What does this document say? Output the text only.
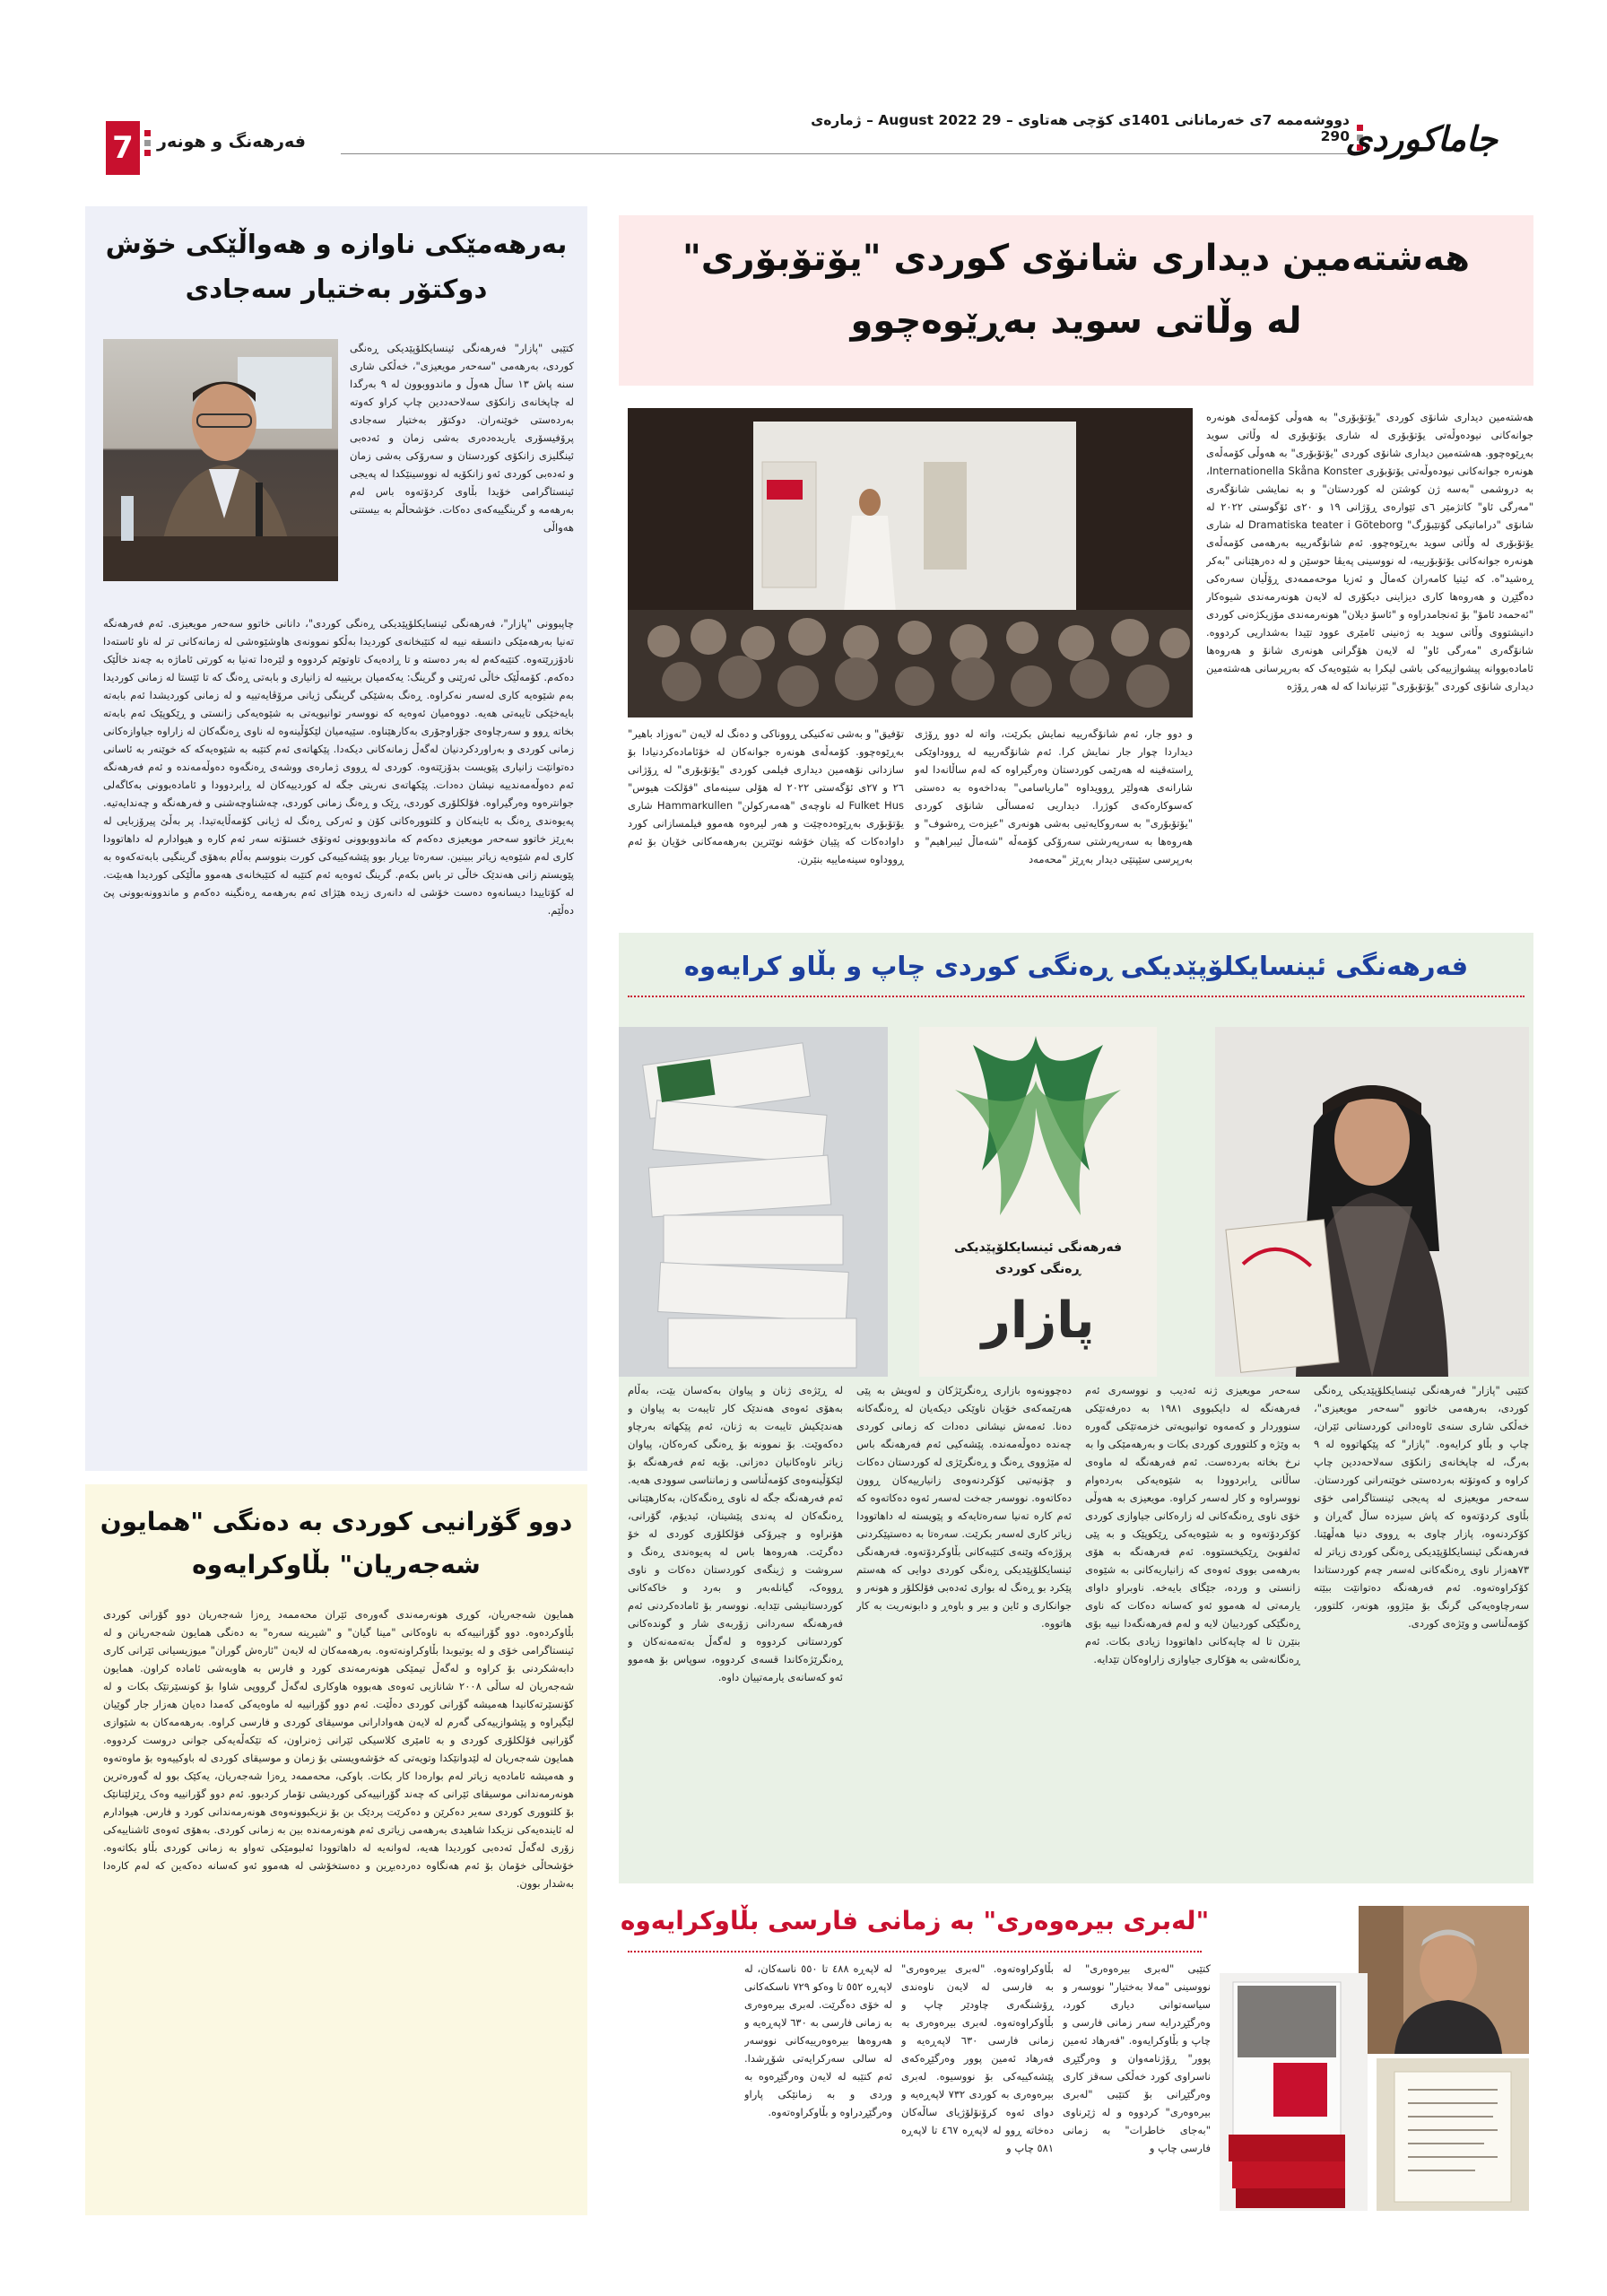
7	فەرهەنگ و هونەر
دووشەممە 7ی خەرمانانی 1401ی کۆچی هەتاوی – 29 August 2022 – ژمارەی 290
جاماکوردی
بەرهەمێکی ناوازە و هەواڵێکی خۆش
دوکتۆر بەختیار سەجادی
کتێبی "پازار" فەرهەنگی ئینسایکلۆپێدیکی ڕەنگی کوردی، بەرهەمی "سەحەر مویعیزی"، خەڵکی شاری سنە پاش ١٣ ساڵ هەوڵ و ماندووبوون لە ٩ بەرگدا لە چاپخانەی زانکۆی سەلاحەددین چاپ کراو کەوتە بەردەستی خوێنەران. دوکتۆر بەختیار سەجادی پرۆفیسۆری یاریدەدەری بەشی زمان و ئەدەبی ئینگلیزی زانکۆی کوردستان و سەرۆکی بەشی زمان و ئەدەبی کوردی ئەو زانکۆیە لە نووسینێکدا لە پەیجی ئینستاگرامی خۆیدا بڵاوی کردۆتەوە باس لەم بەرهەمە و گرینگییەکەی دەکات. خۆشحاڵم بە بیستنی هەواڵی
چاپبوونی "پازار"، فەرهەنگی ئینسایکلۆپێدیکی ڕەنگی کوردی"، دانانی خاتوو سەحەر مویعیزی. ئەم فەرهەنگە تەنیا بەرهەمێکی دانسقە نییە لە کتێبخانەی کوردیدا بەڵکو نموونەی هاوشێوەشی لە زمانەکانی تر لە ناو ئاستەدا نادۆزرێتەوە. کتێبەکەم لە بەر دەستە و تا ڕادەیەک تاوتوێم کردووە و لێرەدا تەنیا بە کورتی ئاماژە بە چەند خاڵێک دەکەم. کۆمەڵێک خاڵی ئەرێنی و گرینگ: یەکەمیان بریتییە لە زانیاری و بابەتی ڕەنگ کە تا ئێستا لە زمانی کوردیدا بەم شێوەیە کاری لەسەر نەکراوە. ڕەنگ بەشێکی گرینگی ژیانی مرۆڤایەتییە و لە زمانی کوردیشدا ئەم بابەتە بایەخێکی تایبەتی هەیە. دووەمیان ئەوەیە کە نووسەر توانیویەتی بە شێوەیەکی زانستی و ڕێکوپێک ئەم بابەتە بخاتە ڕوو و سەرچاوەی جۆراوجۆری بەکارهێناوە. سێیەمیان لێکۆڵینەوە لە ناوی ڕەنگەکان لە زاراوە جیاوازەکانی زمانی کوردی و بەراوردکردنیان لەگەڵ زمانەکانی دیکەدا. پێکهاتەی ئەم کتێبە بە شێوەیەکە کە خوێنەر بە ئاسانی دەتوانێت زانیاری پێویست بدۆزێتەوە. کوردی لە ڕووی ژمارەی ووشەی ڕەنگەوە دەوڵەمەندە و ئەم فەرهەنگە ئەم دەوڵەمەندییە نیشان دەدات. پێکهاتەی نەریتی جگە لە کوردییەکان لە ڕابردوودا و ئامادەبوونی بەکاگەلی جوانترەوە وەرگیراوە. فۆلکلۆری کوردی، ڕێک و ڕەنگ زمانی کوردی، چەشناوچەشنی و فەرهەنگە و چەندایەتیە. پەیوەندی ڕەنگ بە ئاینەکان و کلتوورەکانی کۆن و ئەرکی ڕەنگ لە ژیانی کۆمەڵایەتیدا. پر بەڵێ پیرۆزبایی لە بەڕێز خاتوو سەحەر مویعیزی دەکەم کە ماندووبوونی ئەوتۆی خستۆتە سەر ئەم کارە و هیوادارم لە داهاتوودا کاری لەم شێوەیە زیاتر ببینین. سەرەتا بڕیار بوو پێشەکییەکی کورت بنووسم بەڵام بەهۆی گرینگیی بابەتەکەوە بە پێویستم زانی هەندێک خاڵی تر باس بکەم. گرینگ ئەوەیە ئەم کتێبە لە کتێبخانەی هەموو ماڵێکی کوردیدا هەبێت. لە کۆتاییدا دیسانەوە دەست خۆشی لە دانەری زیدە هێژای ئەم بەرهەمە ڕەنگینە دەکەم و ماندوونەبوونی پێ دەڵێم.
دوو گۆرانیی کوردی بە دەنگی "همایون
شەجەریان" بڵاوکرایەوە
همایون شەجەریان، کوڕی هونەرمەندی گەورەی ئێران محەممەد ڕەزا شەجەریان دوو گۆرانی کوردی بڵاوکردەوە. دوو گۆرانییەکە بە ناوەکانی "مینا گیان" و "شیرینە سەرە" بە دەنگی همایون شەجەریانن و لە ئینستاگرامی خۆی و لە یوتیوبدا بڵاوکراونەتەوە. بەرهەمەکان لە لایەن "ئارەش گوران" میوزیسیانی ئێرانی کاری دابەشکردنی بۆ کراوە و لەگەڵ تیمێکی هونەرمەندی کورد و فارس بە هاوبەشی ئامادە کراون. همایون شەجەریان لە ساڵی ٢٠٠٨ شانازیی ئەوەی هەبووە هاوکاری لەگەڵ گرووپی شاوا بۆ کونسێرتێک بکات و لە کۆنسێرتەکانیدا هەمیشە گۆرانی کوردی دەڵێت. ئەم دوو گۆرانییە لە ماوەیەکی کەمدا دەیان هەزار جار گوێیان لێگیراوە و پێشوازییەکی گەرم لە لایەن هەوادارانی موسیقای کوردی و فارسی کراوە. بەرهەمەکان بە شێوازی گۆرانیی فۆلکلۆری کوردی و بە ئامێری کلاسیکی ئێرانی ژەنراون، کە تێکەڵەیەکی جوانی دروست کردووە. همایون شەجەریان لە لێدوانێکدا وتویەتی کە خۆشەویستی بۆ زمان و موسیقای کوردی لە باوکییەوە بۆ ماوەتەوە و هەمیشە ئامادەیە زیاتر لەم بوارەدا کار بکات. باوکی، محەممەد ڕەزا شەجەریان، یەکێک بوو لە گەورەترین هونەرمەندانی موسیقای ئێرانی کە چەند گۆرانییەکی کوردیشی تۆمار کردبوو. ئەم دوو گۆرانییە وەک ڕێزلێنانێک بۆ کلتووری کوردی سەیر دەکرێن و دەکرێت پردێک بن بۆ نزیکبوونەوەی هونەرمەندانی کورد و فارس. هیوادارم لە ئایندەیەکی نزیکدا شاهیدی بەرهەمی زیاتری ئەم هونەرمەندە بین بە زمانی کوردی. بەهۆی ئەوەی ئاشناییەکی زۆری لەگەڵ ئەدەبی کوردیدا هەیە، لەوانەیە لە داهاتوودا ئەلبومێکی تەواو بە زمانی کوردی بڵاو بکاتەوە. خۆشحاڵی خۆمان بۆ ئەم هەنگاوە دەردەبڕین و دەستخۆشی لە هەموو ئەو کەسانە دەکەین کە لەم کارەدا بەشدار بوون.
هەشتەمین دیداری شانۆی کوردی "یۆتۆبۆری"
لە وڵاتی سوید بەڕێوەچوو
هەشتەمین دیداری شانۆی کوردی "یۆتۆبۆری" بە هەوڵی کۆمەڵەی هونەرە جوانەکانی نیودەوڵەتی یۆتۆبۆری لە شاری یۆتۆبۆری لە وڵاتی سوید بەڕێوەچوو. هەشتەمین دیداری شانۆی کوردی "یۆتۆبۆری" بە هەوڵی کۆمەڵەی هونەرە جوانەکانی نیودەوڵەتی یۆتۆبۆری Internationella Skåna Konster، بە دروشمی "بەسە ژن کوشتن لە کوردستان" و بە نمایشی شانۆگەری "مەرگی ئاو" کاتژمێر ٦ی ئێوارەی ڕۆژانی ١٩ و ٢٠ی ئۆگوستی ٢٠٢٢ لە شانۆی "دراماتیکی گۆتێبۆرگ" Dramatiska teater i Göteborg لە شاری یۆتۆبۆری لە وڵاتی سوید بەڕێوەچوو. ئەم شانۆگەرییە بەرهەمی کۆمەڵەی هونەرە جوانەکانی یۆتۆبۆرییە، لە نووسینی پەیڤا حوسێن و لە دەرهێنانی "بەکر ڕەشید"ە. کە ئیتیا کامەران کەماڵ و ئەزیا موحەممەدی ڕۆڵیان سەرەکی دەگێڕن و هەروەها کاری دیزاینی دیکۆری لە لایەن هونەرمەندی شیوەکار "ئەحمەد ئامۆ" بۆ ئەنجامدراوە و "ئاسۆ دیلان" هونەرمەندی مۆزیکژەنی کوردی دانیشتووی وڵاتی سوید بە ژەنینی ئامێری عوود تێیدا بەشداریی کردووە. شانۆگەری "مەرگی ئاو" لە لایەن هۆگرانی هونەری شانۆ و هەروەها ئامادەبووانە پیشوازییەکی باشی لیکرا بە شێوەیەک کە بەرپرسانی هەشتەمین دیداری شانۆی کوردی "یۆتۆبۆری" ئێزنیاندا کە لە هەر ڕۆژە
و دوو جار، ئەم شانۆگەرییە نمایش بکرێت، واتە لە دوو ڕۆژی دیداردا چوار جار نمایش کرا. ئەم شانۆگەرییە لە ڕووداوێکی ڕاستەقینە لە هەرێمی کوردستان وەرگیراوە کە لەم ساڵانەدا لەو شارانەی هەولێر ڕوویداوە "ماریاسامی" بەداخەوە بە دەستی کەسوکارەکەی کوژرا. دیداریی ئەمساڵی شانۆی کوردی "یۆتۆبۆری" بە سەروکایەتیی بەشی هونەری "عیزەت ڕەشوف" و هەروەها بە سەرپەرشتی سەرۆکی کۆمەڵە "شەماڵ ئیبراهیم" و بەرپرسی سێپتێی دیدار بەڕێز "محەمەد
تۆفیق" و بەشی تەکنیکی ڕووناکی و دەنگ لە لایەن "نەوزاد باهیر" بەڕێوەچوو. کۆمەڵەی هونەرە جوانەکان لە خۆئامادەکردنیادا بۆ سازدانی نۆهەمین دیداری فیلمی کوردی "یۆتۆبۆری" لە ڕۆژانی ٢٦ و ٢٧ی ئۆگەستی ٢٠٢٢ لە هۆلی سینەمای "فۆلکت هیوس" Fulket Hus لە ناوچەی "هەمەرکولن" Hammarkullen شاری یۆتۆبۆری بەڕێوەدەچێت و هەر لیرەوە هەموو فیلمسازانی کورد داوادەکات کە پێیان خۆشە نوێترین بەرهەمەکانی خۆیان بۆ ئەم ڕووداوە سینەماییە بنێرن.
فەرهەنگی ئینسایکلۆپێدیکی ڕەنگی کوردی چاپ و بڵاو کرایەوە
فەرهەنگی ئینسایکلۆپێدیکی
ڕەنگی کوردی
پازار
کتێبی "پازار" فەرهەنگی ئینسایکلۆپێدیکی ڕەنگی کوردی، بەرهەمی خاتوو "سەحەر مویعیزی"، خەڵکی شاری سنەی ئاوەدانی کوردستانی ئێران، چاپ و بڵاو کرایەوە. "پازار" کە پێکهاتووە لە ٩ بەرگ، لە چاپخانەی زانکۆی سەلاحەددین چاپ کراوە و کەوتۆتە بەردەستی خوێنەرانی کوردستان. سەحەر مویعیزی لە پەیجی ئینستاگرامی خۆی بڵاوی کردۆتەوە کە پاش سیزدە ساڵ گەڕان و کۆکردنەوە، پازار چاوی بە ڕووی دنیا هەڵهێنا. فەرهەنگی ئینسایکلۆپێدیکی ڕەنگی کوردی زیاتر لە ٧٣هەزار ناوی ڕەنگەکانی لەسەر چەم کوردستاندا کۆکراوەتەوە. ئەم فەرهەنگە دەتوانێت ببێتە سەرچاوەیەکی گرنگ بۆ مێژوو، هونەر، کلتوور، کۆمەڵناسی و وێژەی کوردی.
سەحەر مویعیزی ژنە ئەدیب و نووسەری ئەم فەرهەنگە لە دایکبووی ١٩٨١ بە دەرفەتێکی سنووردار و کەمەوە توانیویەتی خزمەتێکی گەورە بە وێژە و کلتووری کوردی بکات و بەرهەمێکی وا بە نرخ بخاتە بەردەست. ئەم فەرهەنگە لە ماوەی ساڵانی ڕابردوودا بە شێوەیەکی بەردەوام نووسراوە و کار لەسەر کراوە. مویعیزی بە هەوڵی خۆی ناوی ڕەنگەکانی لە زارەکانی جیاوازی کوردی کۆکردۆتەوە و بە شێوەیەکی ڕێکوپێک و بە پێی ئەلفوبێ ڕێکیخستووە. ئەم فەرهەنگە بە هۆی بەرهەمی بووی ئەوەی کە زانیاریەکانی بە شێوەی زانستی و وردە، جێگای بایەخە. ناوبراو داوای یارمەتی لە هەموو ئەو کەسانە دەکات کە ناوی ڕەنگێکی کوردییان لایە و لەم فەرهەنگەدا نییە بۆی بنێرن تا لە چاپەکانی داهاتوودا زیادی بکات. ئەم ڕەنگانەشی بە هۆکاری جیاوازی زاراوەکان تێدایە.
دەچوونەوە بازاری ڕەنگرێژکان و لەویش بە پێی هەرێمەکەی خۆیان ناوێکی دیکەیان لە ڕەنگەکانە دەنا. ئەمەش نیشانی دەدات کە زمانی کوردی چەندە دەوڵەمەندە. پێشەکیی ئەم فەرهەنگە باس لە مێژووی ڕەنگ و ڕەنگرێژی لە کوردستان دەکات و چۆنیەتیی کۆکردنەوەی زانیارییەکان ڕوون دەکاتەوە. نووسەر جەخت لەسەر ئەوە دەکاتەوە کە ئەم کارە تەنیا سەرەتایەکە و پێویستە لە داهاتوودا زیاتر کاری لەسەر بکرێت. سەرەتا بە دەستپێکردنی پرۆژەکە وێنەی کتێبەکانی بڵاوکردۆتەوە. فەرهەنگی ئینسایکلۆپێدیکی ڕەنگی کوردی دوایی کە هەستم پێکرد بو ڕەنگ لە بواری ئەدەبی فۆلکلۆر و هونەر و جوانکاری و ئاین و بیر و باوەڕ و دابونەریت بە کار هاتووە.
لە ڕێژەی ژنان و پیاوان بەکەسان بێت، بەڵام بەهۆی ئەوەی هەندێک کار تایبەت بە پیاوان و هەندێکیش تایبەت بە ژنان، ئەم پێکهاتە بەرچاو دەکەوێت. بۆ نموونە بۆ ڕەنگی کەرەکان، پیاوان زیاتر ناوەکانیان دەزانی. بۆیە ئەم فەرهەنگە بۆ لێکۆڵینەوەی کۆمەڵناسی و زمانناسی سوودی هەیە. ئەم فەرهەنگە جگە لە ناوی ڕەنگەکان، بەکارهێنانی ڕەنگەکان لە پەندی پێشینان، ئیدیۆم، گۆرانی، هۆنراوە و چیرۆکی فۆلکلۆری کوردی لە خۆ دەگرێت. هەروەها باس لە پەیوەندی ڕەنگ و سروشت و ژینگەی کوردستان دەکات و ناوی ڕووەک، گیانلەبەر و بەرد و خاکەکانی کوردستانیشی تێدایە. نووسەر بۆ ئامادەکردنی ئەم فەرهەنگە سەردانی زۆربەی شار و گوندەکانی کوردستانی کردووە و لەگەڵ بەتەمەنەکان و ڕەنگرێژەکاندا قسەی کردووە، سوپاس بۆ هەموو ئەو کەسانەی یارمەتییان داوە.
"لەبری بیرەوەری" بە زمانی فارسی بڵاوکرایەوە
کتێبی "لەبری بیرەوەری" لە نووسینی "مەلا بەختیار" نووسەر و سیاسەتوانی دیاری کورد، وەرگێڕدرایە سەر زمانی فارسی و چاپ و بڵاوکرایەوە. "فەرهاد ئەمین پوور" ڕۆژنامەوان و وەرگێڕی ناسراوی کورد خەڵکی سەقز کاری وەرگێڕانی بۆ کتێبی "لەبری بیرەوەری" کردووە و لە ژێرناوی "بەجای خاطرات" بە زمانی فارسی چاپ و
بڵاوکراوەتەوە. "لەبری بیرەوەری" بە فارسی لە لایەن ناوەندی ڕۆشنگەری چاودێر چاپ و بڵاوکراوەتەوە. لەبری بیرەوەری بە زمانی فارسی ٦٣٠ لاپەڕەیە و فەرهاد ئەمین پوور وەرگێڕەکەی پێشەکییەکی بۆ نووسیوە. لەبری بیرەوەری بە کوردی ٧٣٢ لاپەڕەیە و دوای ئەوە کرۆنۆلۆژیای ساڵەکان دەخاتە ڕوو لە لاپەڕە ٤٦٧ تا لاپەڕە ٥٨١ چاپ و
لە لاپەڕە ٤٨٨ تا ٥٥٠ ناسەکان، لە لاپەڕە ٥٥٢ تا وەکو ٧٢٩ ناسکەکانی لە خۆی دەگرێت. لەبری بیرەوەری بە زمانی فارسی بە ٦٣٠ لاپەڕەیە و هەروەها بیرەوەرییەکانی نووسەر لە سالی سەرکرایەتی شۆڕشدا. ئەم کتێبە لە لایەن وەرگێڕەوە بە وردی و بە زمانێکی پاراو وەرگێڕدراوە و بڵاوکراوەتەوە.
